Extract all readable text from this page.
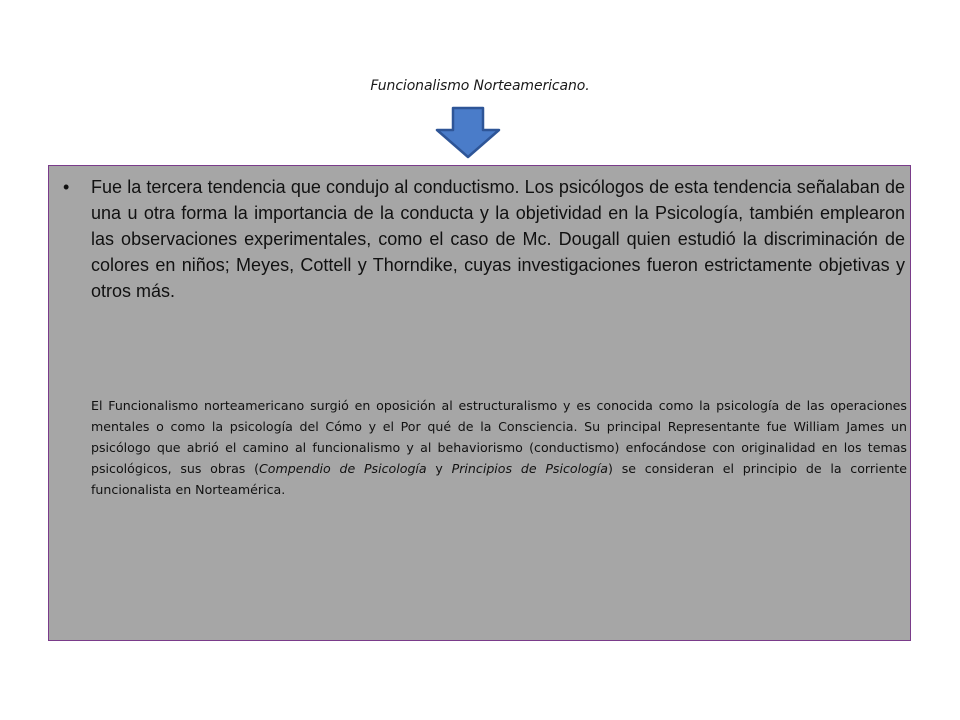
Funcionalismo Norteamericano.
•	Fue la tercera tendencia que condujo al conductismo. Los psicólogos de esta tendencia señalaban de una u otra forma la importancia de la conducta y la objetividad en la Psicología, también emplearon las observaciones experimentales, como el caso de Mc. Dougall quien estudió la discriminación de colores en niños; Meyes, Cottell y Thorndike, cuyas investigaciones fueron estrictamente objetivas y otros más.
El Funcionalismo norteamericano surgió en oposición al estructuralismo y es conocida como la psicología de las operaciones mentales o como la psicología del Cómo y el Por qué de la Consciencia. Su principal Representante fue William James un psicólogo que abrió el camino al funcionalismo y al behaviorismo (conductismo) enfocándose con originalidad en los temas psicológicos, sus obras (Compendio de Psicología y Principios de Psicología) se consideran el principio de la corriente funcionalista en Norteamérica.
